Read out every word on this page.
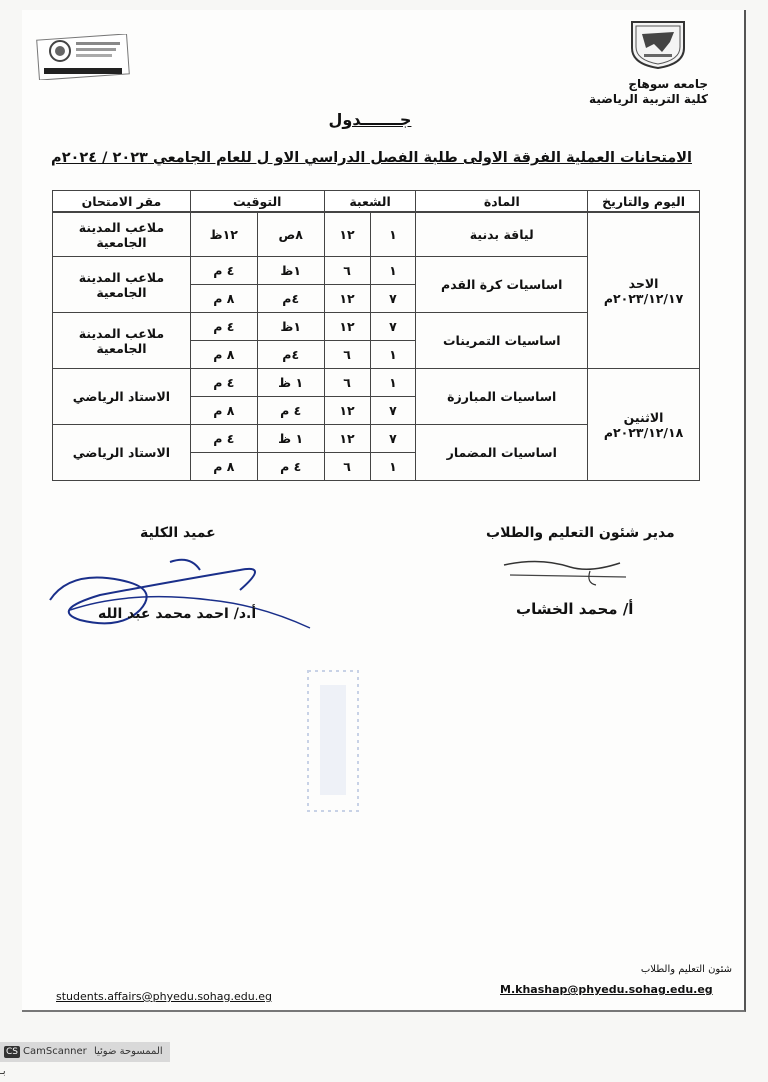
جامعه سوهاج
كلية التربية الرياضية
جـــــــدول
الامتحانات العملية الفرقة الاولى طلبة الفصل الدراسي الاو ل للعام الجامعي ٢٠٢٣ / ٢٠٢٤م
اليوم والتاريخ	المادة	الشعبة	التوقيت	مقر الامتحان
الاحد
٢٠٢٣/١٢/١٧م	لياقة بدنية	١	١٢	٨ص	١٢ظ	ملاعب المدينة الجامعية
	اساسيات كرة القدم	١	٦	١ظ	٤ م	ملاعب المدينة الجامعية
		٧	١٢	٤م	٨ م	
	اساسيات التمرينات	٧	١٢	١ظ	٤ م	ملاعب المدينة الجامعية
		١	٦	٤م	٨ م	

الاثنين
٢٠٢٣/١٢/١٨م	اساسيات المبارزة	١	٦	١ ظ	٤ م	الاستاد الرياضي
		٧	١٢	٤ م	٨ م	
	اساسيات المضمار	٧	١٢	١ ظ	٤ م	الاستاد الرياضي
		١	٦	٤ م	٨ م	
عميد الكلية	مدير شئون التعليم والطلاب
أ.د/ احمد محمد عبد الله	أ/ محمد الخشاب
شئون التعليم والطلاب
students.affairs@phyedu.sohag.edu.eg
M.khashap@phyedu.sohag.edu.eg
CS CamScanner الممسوحة ضوئيا بـ
